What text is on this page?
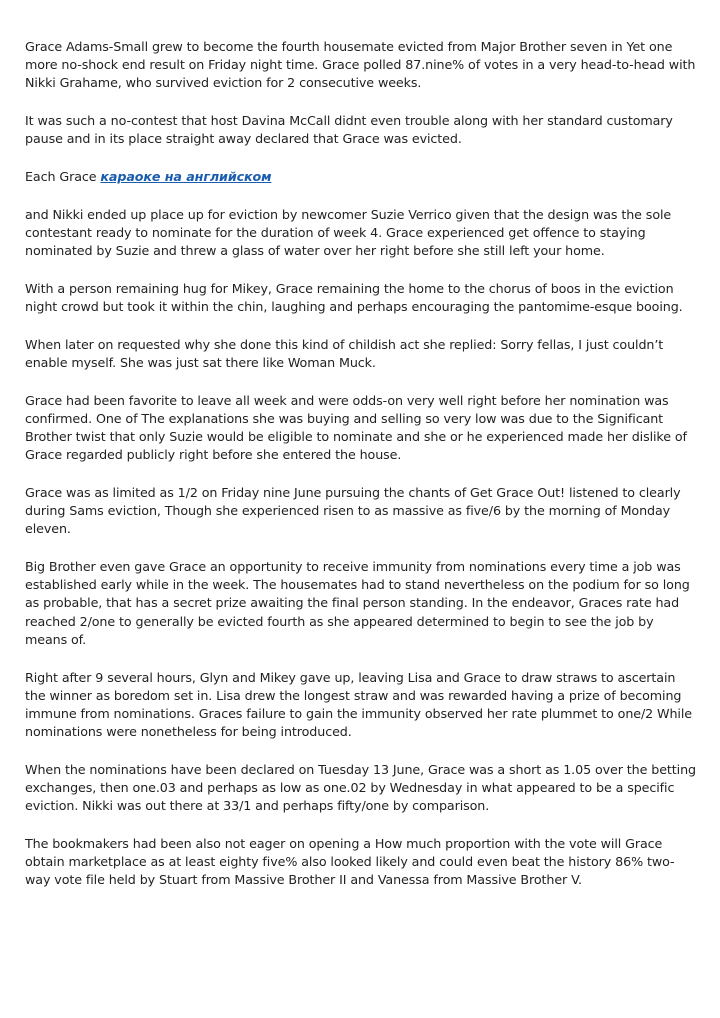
Grace Adams-Small grew to become the fourth housemate evicted from Major Brother seven in Yet one more no-shock end result on Friday night time. Grace polled 87.nine% of votes in a very head-to-head with Nikki Grahame, who survived eviction for 2 consecutive weeks.

It was such a no-contest that host Davina McCall didnt even trouble along with her standard customary pause and in its place straight away declared that Grace was evicted.

Each Grace караоке на английском

and Nikki ended up place up for eviction by newcomer Suzie Verrico given that the design was the sole contestant ready to nominate for the duration of week 4. Grace experienced get offence to staying nominated by Suzie and threw a glass of water over her right before she still left your home.

With a person remaining hug for Mikey, Grace remaining the home to the chorus of boos in the eviction night crowd but took it within the chin, laughing and perhaps encouraging the pantomime-esque booing.

When later on requested why she done this kind of childish act she replied: Sorry fellas, I just couldn’t enable myself. She was just sat there like Woman Muck.

Grace had been favorite to leave all week and were odds-on very well right before her nomination was confirmed. One of The explanations she was buying and selling so very low was due to the Significant Brother twist that only Suzie would be eligible to nominate and she or he experienced made her dislike of Grace regarded publicly right before she entered the house.

Grace was as limited as 1/2 on Friday nine June pursuing the chants of Get Grace Out! listened to clearly during Sams eviction, Though she experienced risen to as massive as five/6 by the morning of Monday eleven.

Big Brother even gave Grace an opportunity to receive immunity from nominations every time a job was established early while in the week. The housemates had to stand nevertheless on the podium for so long as probable, that has a secret prize awaiting the final person standing. In the endeavor, Graces rate had reached 2/one to generally be evicted fourth as she appeared determined to begin to see the job by means of.

Right after 9 several hours, Glyn and Mikey gave up, leaving Lisa and Grace to draw straws to ascertain the winner as boredom set in. Lisa drew the longest straw and was rewarded having a prize of becoming immune from nominations. Graces failure to gain the immunity observed her rate plummet to one/2 While nominations were nonetheless for being introduced.

When the nominations have been declared on Tuesday 13 June, Grace was a short as 1.05 over the betting exchanges, then one.03 and perhaps as low as one.02 by Wednesday in what appeared to be a specific eviction. Nikki was out there at 33/1 and perhaps fifty/one by comparison.

The bookmakers had been also not eager on opening a How much proportion with the vote will Grace obtain marketplace as at least eighty five% also looked likely and could even beat the history 86% two-way vote file held by Stuart from Massive Brother II and Vanessa from Massive Brother V.
